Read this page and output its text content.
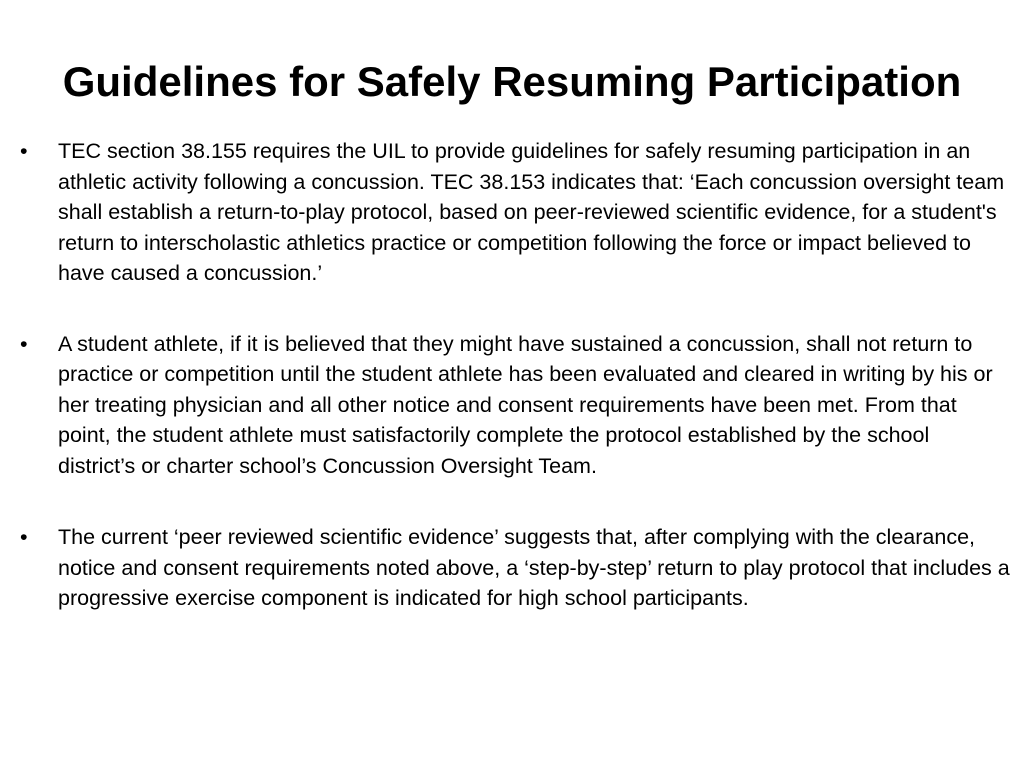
Guidelines for Safely Resuming Participation
•	TEC section 38.155 requires the UIL to provide guidelines for safely resuming participation in an athletic activity following a concussion. TEC 38.153 indicates that: ‘Each concussion oversight team shall establish a return-to-play protocol, based on peer-reviewed scientific evidence, for a student's return to interscholastic athletics practice or competition following the force or impact believed to have caused a concussion.’
•	A student athlete, if it is believed that they might have sustained a concussion, shall not return to practice or competition until the student athlete has been evaluated and cleared in writing by his or her treating physician and all other notice and consent requirements have been met. From that point, the student athlete must satisfactorily complete the protocol established by the school district’s or charter school’s Concussion Oversight Team.
•	The current ‘peer reviewed scientific evidence’ suggests that, after complying with the clearance, notice and consent requirements noted above, a ‘step-by-step’ return to play protocol that includes a progressive exercise component is indicated for high school participants.
